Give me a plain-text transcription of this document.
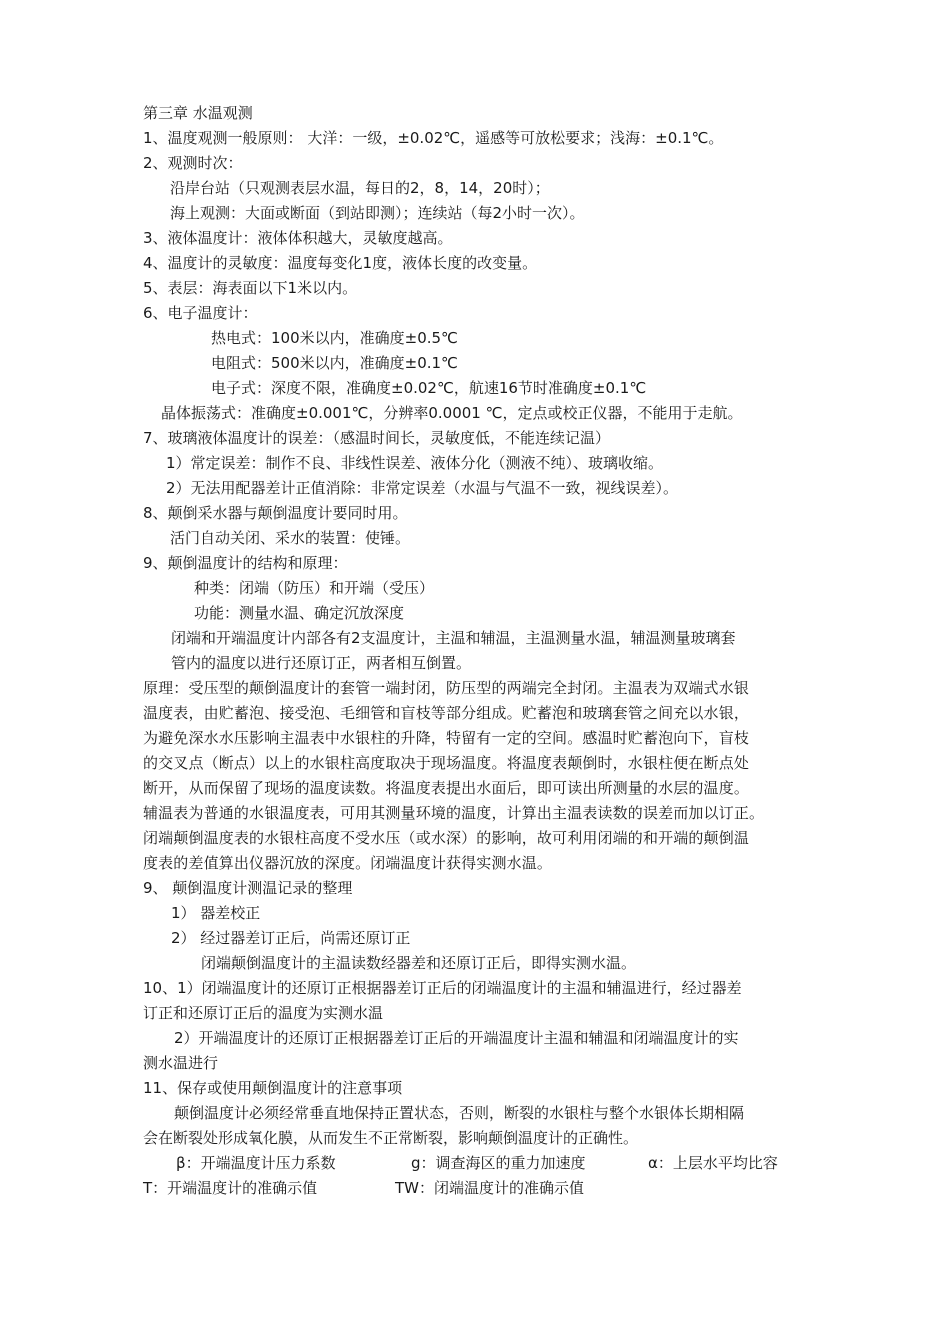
第三章 水温观测
1、温度观测一般原则： 大洋：一级，±0.02℃，遥感等可放松要求；浅海：±0.1℃。
2、观测时次：
沿岸台站（只观测表层水温，每日的2，8，14，20时）；
海上观测：大面或断面（到站即测）；连续站（每2小时一次）。
3、液体温度计：液体体积越大，灵敏度越高。
4、温度计的灵敏度：温度每变化1度，液体长度的改变量。
5、表层：海表面以下1米以内。
6、电子温度计：
热电式：100米以内，准确度±0.5℃
电阻式：500米以内，准确度±0.1℃
电子式：深度不限，准确度±0.02℃，航速16节时准确度±0.1℃
晶体振荡式：准确度±0.001℃，分辨率0.0001 ℃，定点或校正仪器，不能用于走航。
7、玻璃液体温度计的误差：（感温时间长，灵敏度低，不能连续记温）
1）常定误差：制作不良、非线性误差、液体分化（测液不纯）、玻璃收缩。
2）无法用配器差计正值消除：非常定误差（水温与气温不一致，视线误差）。
8、颠倒采水器与颠倒温度计要同时用。
活门自动关闭、采水的装置：使锤。
9、颠倒温度计的结构和原理：
种类：闭端（防压）和开端（受压）
功能：测量水温、确定沉放深度
闭端和开端温度计内部各有2支温度计，主温和辅温，主温测量水温，辅温测量玻璃套
管内的温度以进行还原订正，两者相互倒置。
原理：受压型的颠倒温度计的套管一端封闭，防压型的两端完全封闭。主温表为双端式水银
温度表，由贮蓄泡、接受泡、毛细管和盲枝等部分组成。贮蓄泡和玻璃套管之间充以水银，
为避免深水水压影响主温表中水银柱的升降，特留有一定的空间。感温时贮蓄泡向下，盲枝
的交叉点（断点）以上的水银柱高度取决于现场温度。将温度表颠倒时，水银柱便在断点处
断开，从而保留了现场的温度读数。将温度表提出水面后，即可读出所测量的水层的温度。
辅温表为普通的水银温度表，可用其测量环境的温度，计算出主温表读数的误差而加以订正。
闭端颠倒温度表的水银柱高度不受水压（或水深）的影响，故可利用闭端的和开端的颠倒温
度表的差值算出仪器沉放的深度。闭端温度计获得实测水温。
9、 颠倒温度计测温记录的整理
1） 器差校正
2） 经过器差订正后，尚需还原订正
闭端颠倒温度计的主温读数经器差和还原订正后，即得实测水温。
10、1）闭端温度计的还原订正根据器差订正后的闭端温度计的主温和辅温进行，经过器差
订正和还原订正后的温度为实测水温
2）开端温度计的还原订正根据器差订正后的开端温度计主温和辅温和闭端温度计的实
测水温进行
11、保存或使用颠倒温度计的注意事项
颠倒温度计必须经常垂直地保持正置状态，否则，断裂的水银柱与整个水银体长期相隔
会在断裂处形成氧化膜，从而发生不正常断裂，影响颠倒温度计的正确性。
β：开端温度计压力系数	g：调查海区的重力加速度	α：上层水平均比容
T：开端温度计的准确示值	TW：闭端温度计的准确示值
